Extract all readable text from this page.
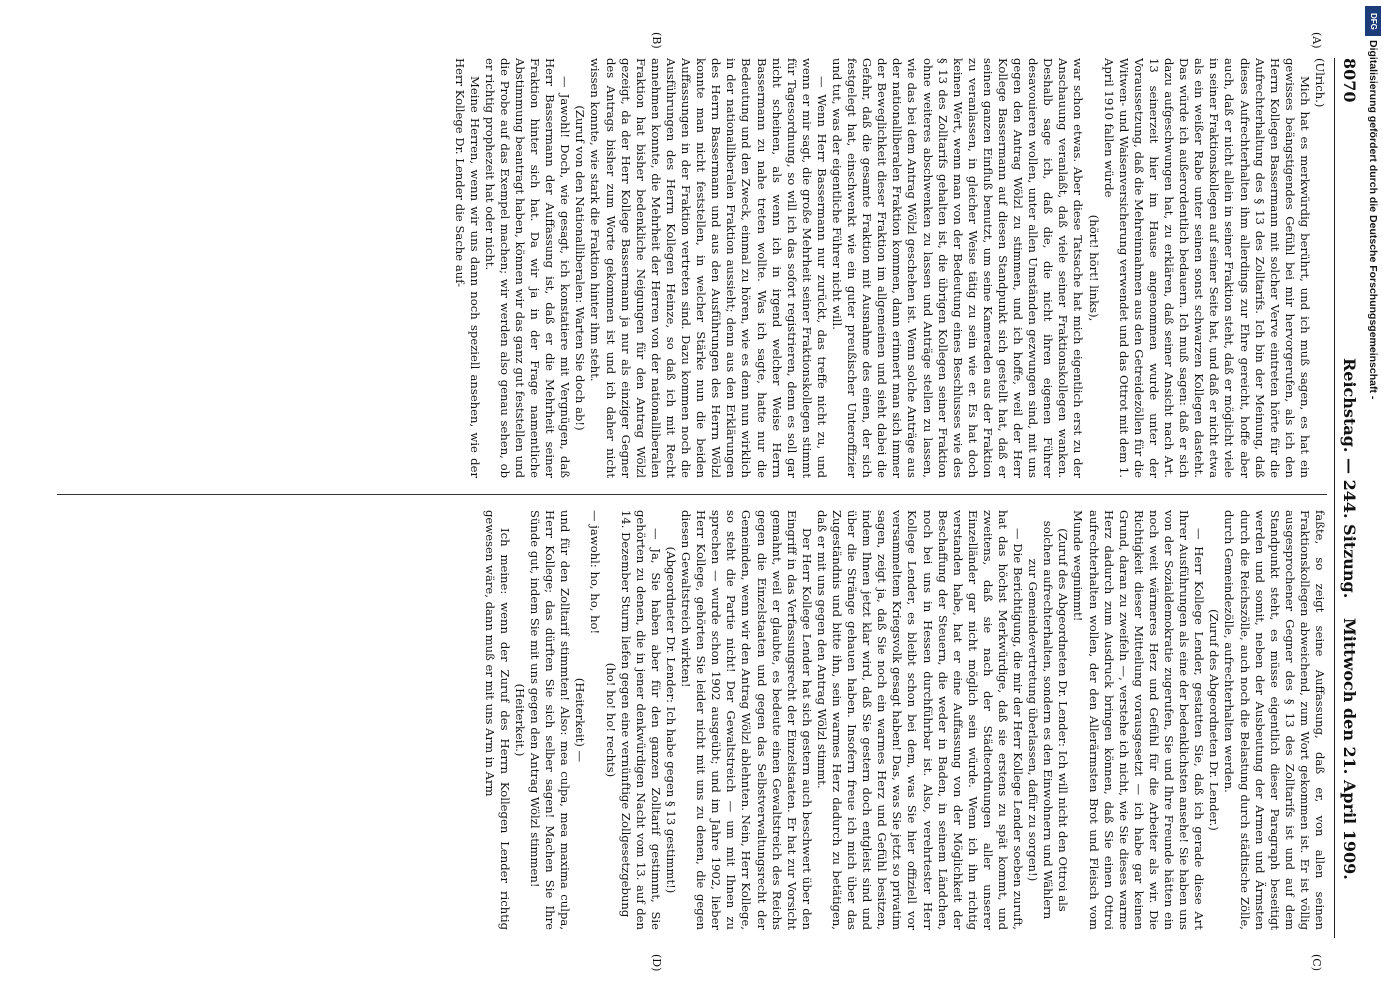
8070
Reichstag. — 244. Sitzung.
Mittwoch den 21. April 1909.

(Ulrich.)

Mich hat es merkwürdig berührt, und ich muß sagen, es hat ein gewisses beängstigendes Gefühl bei mir hervorgerufen, als ich den Herrn Kollegen Bassermann mit solcher Verve eintreten hörte für die Aufrechterhaltung des § 13 des Zolltarifs. Ich bin der Meinung, daß dieses Aufrechterhalten ihm allerdings zur Ehre gereicht, hoffe aber auch, daß er nicht allein in seiner Fraktion steht, daß er möglicht viele in seiner Fraktionskollegen auf seiner Seite hat, und daß er nicht etwa als ein weißer Rabe unter seinen sonst schwarzen Kollegen dasteht. Das würde ich außerordentlich bedauern. Ich muß sagen: daß er sich dazu aufgeschwungen hat, zu erklären, daß seiner Ansicht nach Art. 13 seinerzeit hier im Hause angenommen wurde unter der Voraussetzung, daß die Mehreinnahmen aus den Getreidezöllen für die Witwen- und Waisenversicherung verwendet und das Ottrot mit dem 1. April 1910 fallen würde

(hört! hört! links),

war schon etwas. Aber diese Tatsache hat mich eigentlich erst zu der Anschauung veranlaßt, daß viele seiner Fraktionskollegen wanken. Deshalb sage ich, daß die, die nicht ihren eigenen Führer desavouieren wollen, unter allen Umständen gezwungen sind, mit uns gegen den Antrag Wölzl zu stimmen, und ich hoffe, weil der Herr Kollege Bassermann auf diesen Standpunkt sich gestellt hat, daß er seinen ganzen Einfluß benutzt, um seine Kameraden aus der Fraktion zu veranlassen, in gleicher Weise tätig zu sein wie er. Es hat doch keinen Wert, wenn man von der Bedeutung eines Beschlusses wie des § 13 des Zolltarifs gehalten ist, die übrigen Kollegen seiner Fraktion ohne weiteres abschwenken zu lassen und Anträge stellen zu lassen, wie das bei dem Antrag Wölzl geschehen ist. Wenn solche Anträge aus der nationalliberalen Fraktion kommen, dann erinnert man sich immer der Beweglichkeit dieser Fraktion im allgemeinen und sieht dabei die Gefahr, daß die gesamte Fraktion mit Ausnahme des einen, der sich festgelegt hat, einschwenkt wie ein guter preußischer Unteroffizier und tut, was der eigentliche Führer nicht will.

— Wenn Herr Bassermann nur zurückt, das treffe nicht zu, und wenn er mir sagt, die große Mehrheit seiner Fraktionskollegen stimmt für Tagesordnung, so will ich das sofort registrieren, denn es soll gar nicht scheinen, als wenn ich in irgend welcher Weise Herrn Bassermann zu nahe treten wollte. Was ich sagte, hatte nur die Bedeutung und den Zweck, einmal zu hören, wie es denn nun wirklich in der nationalliberalen Fraktion aussieht; denn aus den Erklärungen des Herrn Bassermann und aus den Ausführungen des Herrn Wölzl konnte man nicht feststellen, in welcher Stärke nun die beiden Auffassungen in der Fraktion vertreten sind. Dazu kommen noch die Ausführungen des Herrn Kollegen Heinze, so daß ich mit Recht annehmen konnte, die Mehrheit der Herren von der nationalliberalen Fraktion hat bisher bedenkliche Neigungen für den Antrag Wölzl gezeigt, da der Herr Kollege Bassermann ja nur als einziger Gegner des Antrags bisher zum Worte gekommen ist und ich daher nicht wissen konnte, wie stark die Fraktion hinter ihm steht.

(Zuruf von den Nationalliberalen: Warten Sie doch ab!)

— Jawohl! Doch, wie gesagt, ich konstatiere mit Vergnügen, daß Herr Bassermann der Auffassung ist, daß er die Mehrheit seiner Fraktion hinter sich hat. Da wir ja in der Frage namentliche Abstimmung beantragt haben, können wir das ganz gut feststellen und die Probe auf das Exempel machen; wir werden also genau sehen, ob er richtig prophezeit hat oder nicht.

Meine Herren, wenn wir uns dann noch speziell ansehen, wie der Herr Kollege Dr. Lender die Sache auf-

faßte, so zeigt seine Auffassung, daß er, von allen seinen Fraktionskollegen abweichend, zum Wort gekommen ist. Er ist völlig ausgesprochener Gegner des § 13 des Zolltarifs ist und auf dem Standpunkt steht, es müsse eigentlich dieser Paragraph beseitigt werden und somit, neben der Ausbeutung der Armen und Ärmsten durch die Reichszölle, auch noch die Belastung durch städtische Zölle, durch Gemeindezölle, aufrechterhalten werden.

(Zuruf des Abgeordneten Dr. Lender.)

— Herr Kollege Lender, gestatten Sie, daß ich gerade diese Art Ihrer Ausführungen als eine der bedenklichsten ansehe! Sie haben uns von der Sozialdemokratie zugerufen, Sie und Ihre Freunde hätten ein noch weit wärmeres Herz und Gefühl für die Arbeiter als wir. Die Richtigkeit dieser Mitteilung vorausgesetzt — ich habe gar keinen Grund, daran zu zweifeln —, verstehe ich nicht, wie Sie dieses warme Herz dadurch zum Ausdruck bringen können, daß Sie einen Ottroi aufrechterhalten wollen, der den Allerärmsten Brot und Fleisch vom Munde wegnimmt!

(Zuruf des Abgeordneten Dr. Lender: Ich will nicht den Ottroi als solchen aufrechterhalten, sondern es den Einwohnern und Wählern zur Gemeindevertretung überlassen, dafür zu sorgen!)

— Die Berichtigung, die mir der Herr Kollege Lender soeben zuruft, hat das höchst Merkwürdige, daß sie erstens zu spät kommt, und zweitens, daß sie nach der Städteordnungen aller unserer Einzelländer gar nicht möglich sein würde. Wenn ich ihn richtig verstanden habe, hat er eine Auffassung von der Möglichkeit der Beschaffung der Steuern, die weder in Baden, in seinem Ländchen, noch bei uns in Hessen durchführbar ist. Also, verehrtester Herr Kollege Lender, es bleibt schon bei dem, was Sie hier offiziell vor versammeltem Kriegsvolk gesagt haben! Das, was Sie jetzt so privatim sagen, zeigt ja, daß Sie noch ein warmes Herz und Gefühl besitzen, indem Ihnen jetzt klar wird, daß Sie gestern doch entgleist sind und über die Stränge gehauen haben. Insofern freue ich mich über das Zugeständnis und bitte ihn, sein warmes Herz dadurch zu betätigen, daß er mit uns gegen den Antrag Wölzl stimmt.

Der Herr Kollege Lender hat sich gestern auch beschwert über den Eingriff in das Verfassungsrecht der Einzelstaaten. Er hat zur Vorsicht gemahnt, weil er glaubte, es bedeute einen Gewaltstreich des Reichs gegen die Einzelstaaten und gegen das Selbstverwaltungsrecht der Gemeinden, wenn wir den Antrag Wölzl ablehnten. Nein, Herr Kollege, so steht die Partie nicht! Der Gewaltstreich — um mit Ihnen zu sprechen — wurde schon 1902 ausgeübt; und im Jahre 1902, lieber Herr Kollege, gehörten Sie leider nicht mit uns zu denen, die gegen diesen Gewaltstreich wirkten!

(Abgeordneter Dr. Lender: Ich habe gegen § 13 gestimmt!)

— Ja, Sie haben aber für den ganzen Zolltarif gestimmt, Sie gehörten zu denen, die in jener denkwürdigen Nacht vom 13. auf den 14. Dezember Sturm liefen gegen eine vernünftige Zollgesetzgebung

(ho! ho! ho! rechts)

— jawohl: ho, ho, ho!

(Heiterkeit) —

und für den Zolltarif stimmten! Also: mea culpa, mea maxima culpa, Herr Kollege; das dürften Sie sich selber sagen! Machen Sie Ihre Sünde gut, indem Sie mit uns gegen den Antrag Wölzl stimmen!

(Heiterkeit.)

Ich meine: wenn der Zuruf des Herrn Kollegen Lender richtig gewesen wäre, dann muß er mit uns Arm in Arm

(A)
(B)
(C)
(D)
DFG
Digitalisierung gefördert durch die Deutsche Forschungsgemeinschaft -
